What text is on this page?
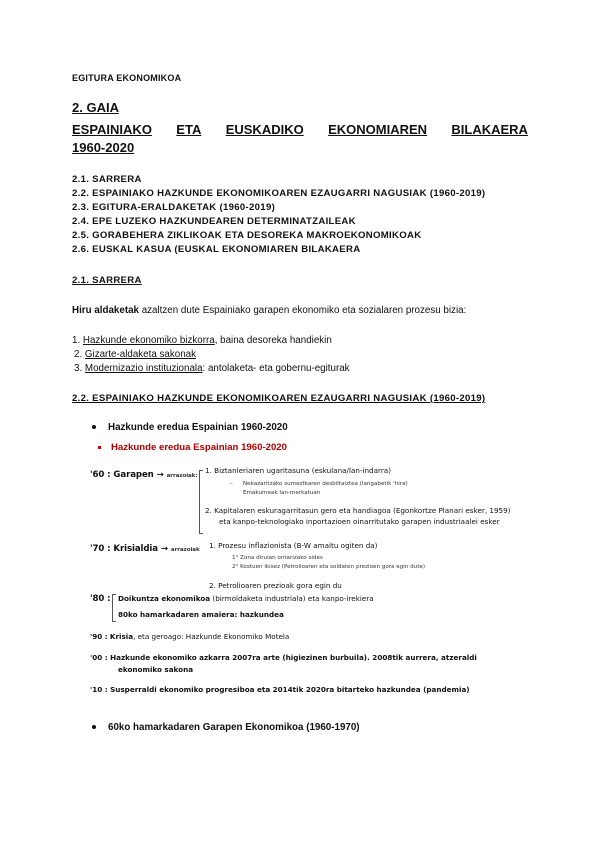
EGITURA EKONOMIKOA
2. GAIA
ESPAINIAKO ETA EUSKADIKO EKONOMIAREN BILAKAERA
1960-2020
2.1. SARRERA
2.2. ESPAINIAKO HAZKUNDE EKONOMIKOAREN EZAUGARRI NAGUSIAK (1960-2019)
2.3. EGITURA-ERALDAKETAK (1960-2019)
2.4. EPE LUZEKO HAZKUNDEAREN DETERMINATZAILEAK
2.5. GORABEHERA ZIKLIKOAK ETA DESOREKA MAKROEKONOMIKOAK
2.6. EUSKAL KASUA (EUSKAL EKONOMIAREN BILAKAERA
2.1. SARRERA
Hiru aldaketak azaltzen dute Espainiako garapen ekonomiko eta sozialaren prozesu bizia:
1. Hazkunde ekonomiko bizkorra, baina desoreka handiekin
2. Gizarte-aldaketa sakonak
3. Modernizazio instituzionala: antolaketa- eta gobernu-egiturak
2.2. ESPAINIAKO HAZKUNDE EKONOMIKOAREN EZAUGARRI NAGUSIAK (1960-2019)
Hazkunde eredua Espainian 1960-2020
Hazkunde eredua Espainian 1960-2020
'60 : Garapen → arrazoiak:
1. Biztanleriaren ugaritasuna (eskulana/lan-indarra)
– Nekazaritzako sumeztkaren desbiltaiztea (langabetik 'hira)
Emakumeak lan-merkatuan
2. Kapitalaren eskuragarritasun gero eta handiagoa (Egonkortze Planari esker, 1959)
eta kanpo-teknologiako inportazioen oinarritutako garapen industriaalei esker
'70 : Krisialdia → arrazoiak 1. Prozesu inflazionista (B-W amaitu ogiten da)
1° Zona dirulan ontarizako sides
2° Kostuen ikisez (Petrolioaren eta soldaten prezioen gora egin dute)
2. Petrolioaren prezioak gora egin du
'80 : Doikuntza ekonomikoa (birmoldaketa industriala) eta kanpo-irekiera
80ko hamarkadaren amaiera: hazkundea
'90 : Krisia, eta geroago: Hazkunde Ekonomiko Motela
'00 : Hazkunde ekonomiko azkarra 2007ra arte (higiezinen burbuila). 2008tik aurrera, atzeraldi
ekonomiko sakona
'10 : Susperraldi ekonomiko progresiboa eta 2014tik 2020ra bitarteko hazkundea (pandemia)
60ko hamarkadaren Garapen Ekonomikoa (1960-1970)
